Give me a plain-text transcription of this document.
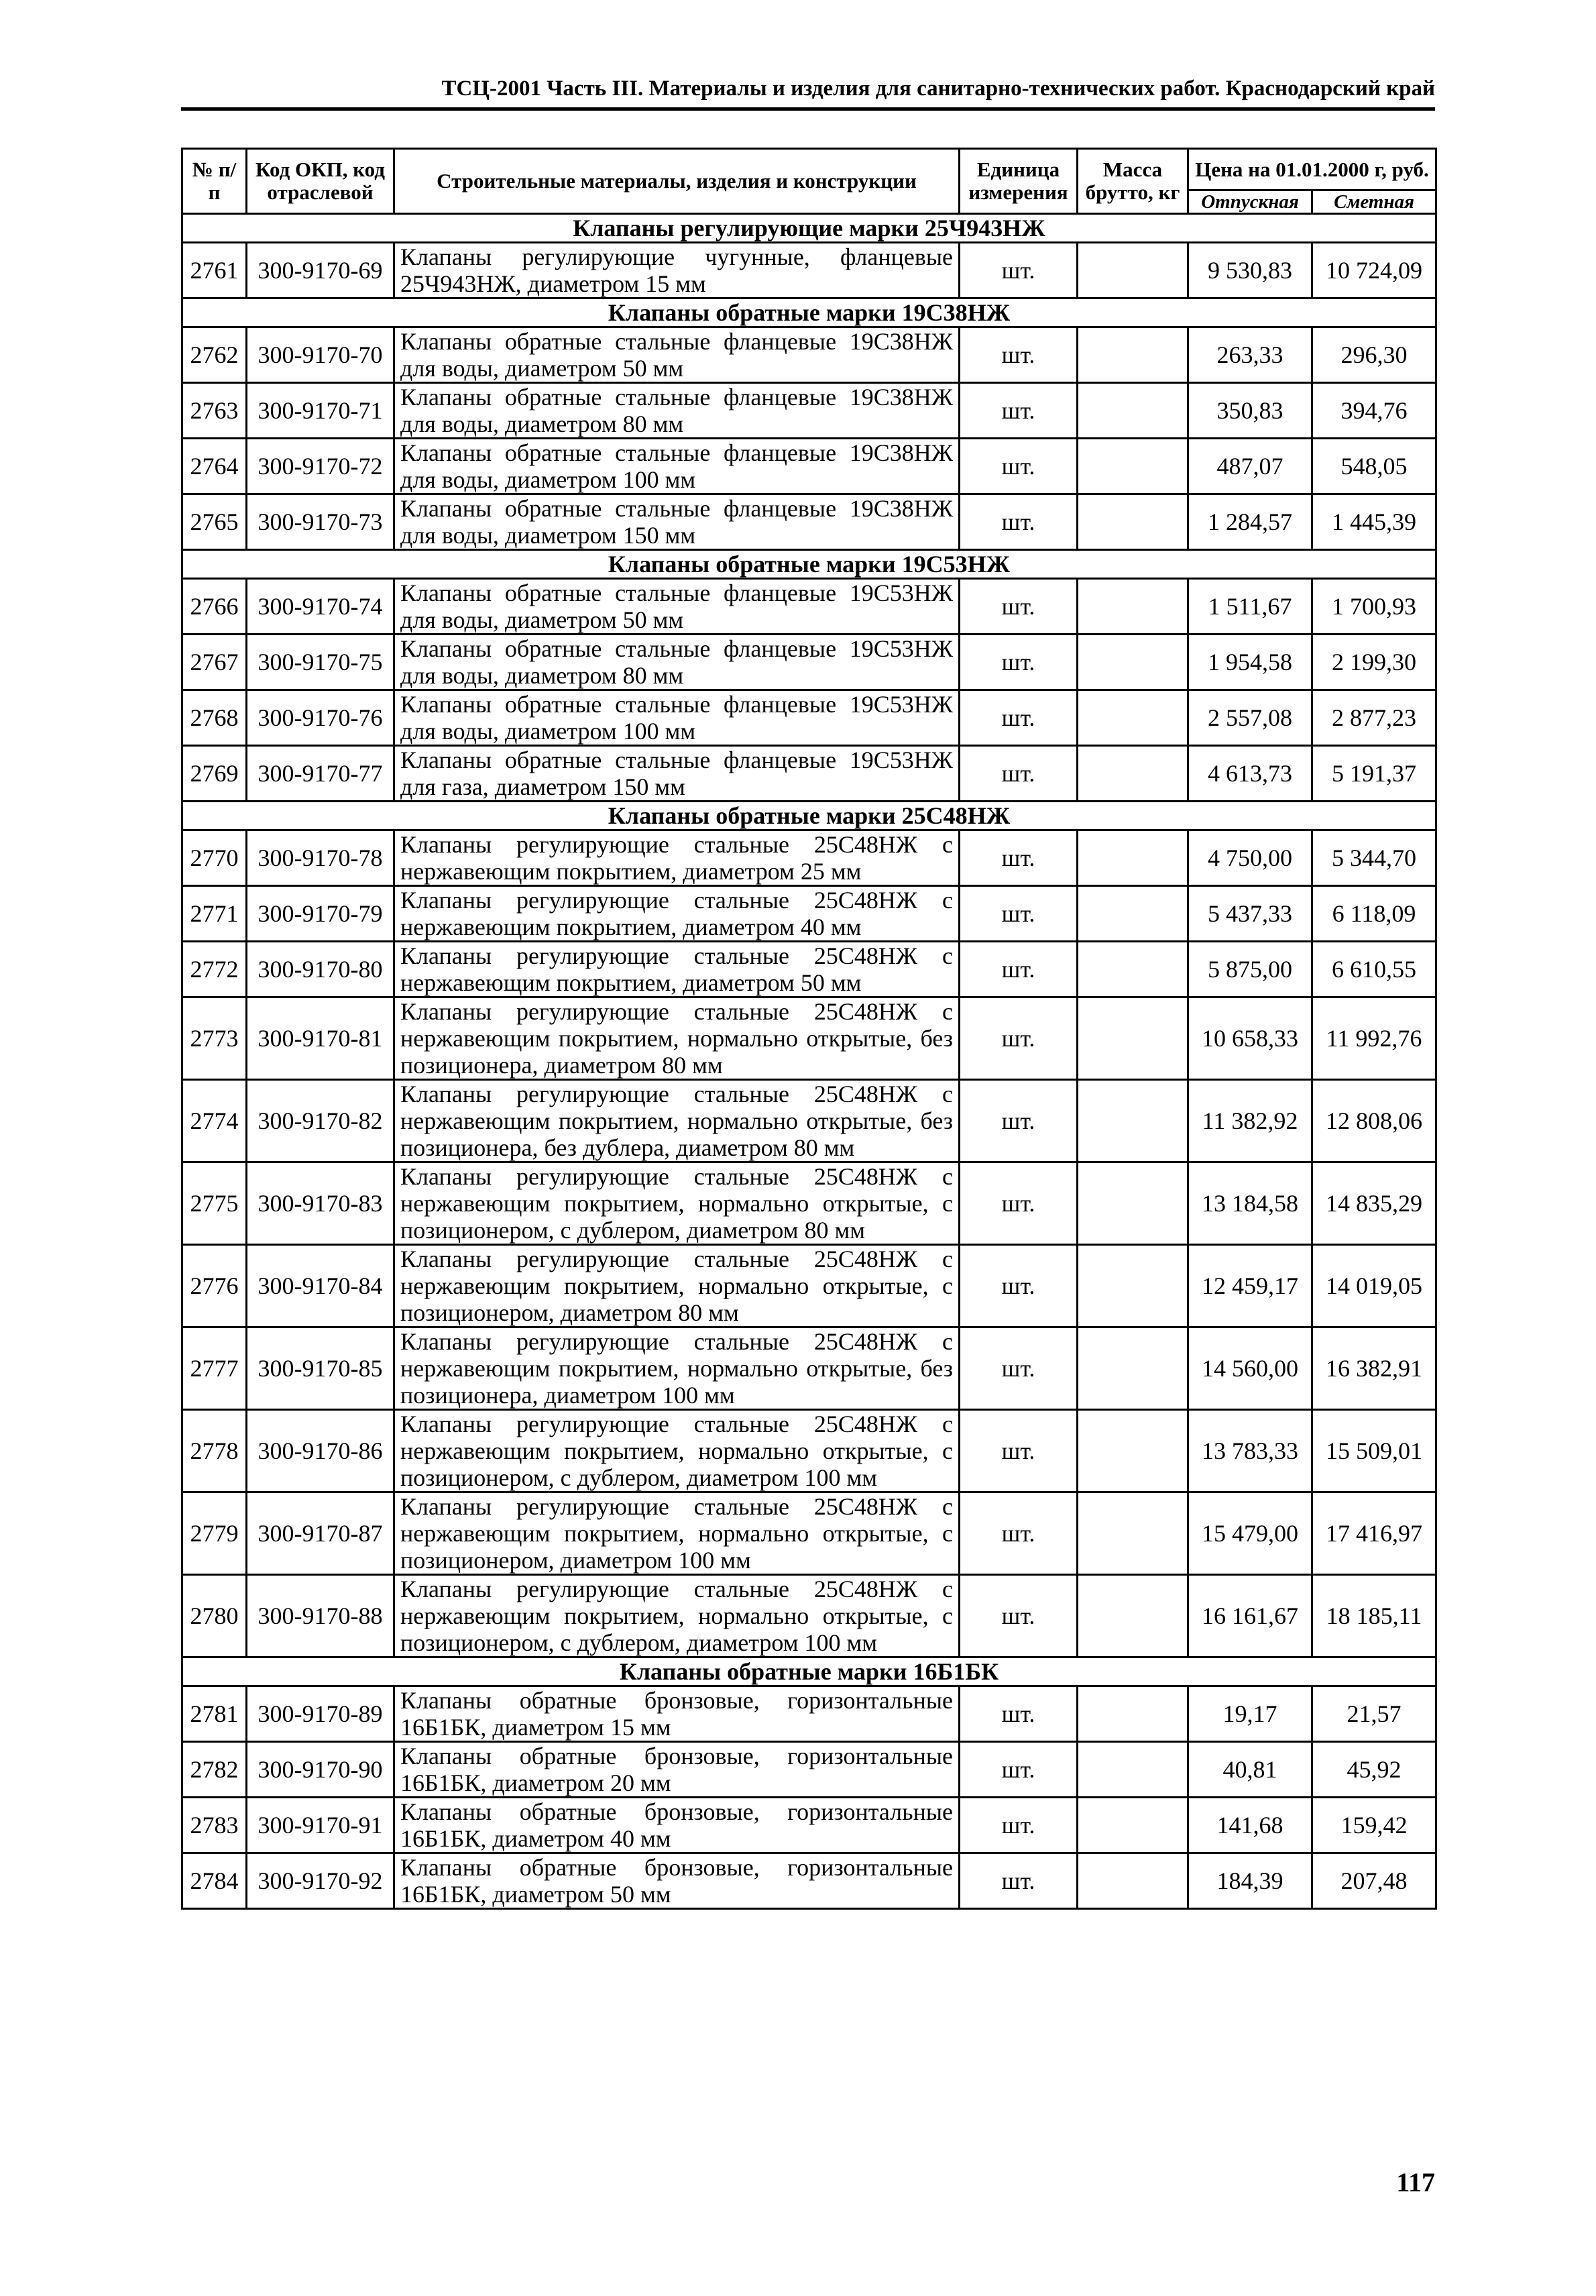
ТСЦ-2001 Часть III. Материалы и изделия для санитарно-технических работ. Краснодарский край
№ п/п	Код ОКП, код отраслевой	Строительные материалы, изделия и конструкции	Единица измерения	Масса брутто, кг	Цена на 01.01.2000 г, руб.	
					Отпускная	Сметная
Клапаны регулирующие марки 25Ч943НЖ						
2761	300-9170-69	Клапаны регулирующие чугунные, фланцевые 25Ч943НЖ, диаметром 15 мм	шт.		9 530,83	10 724,09
Клапаны обратные марки 19С38НЖ						
2762	300-9170-70	Клапаны обратные стальные фланцевые 19С38НЖ для воды, диаметром 50 мм	шт.		263,33	296,30
2763	300-9170-71	Клапаны обратные стальные фланцевые 19С38НЖ для воды, диаметром 80 мм	шт.		350,83	394,76
2764	300-9170-72	Клапаны обратные стальные фланцевые 19С38НЖ для воды, диаметром 100 мм	шт.		487,07	548,05
2765	300-9170-73	Клапаны обратные стальные фланцевые 19С38НЖ для воды, диаметром 150 мм	шт.		1 284,57	1 445,39
Клапаны обратные марки 19С53НЖ						
2766	300-9170-74	Клапаны обратные стальные фланцевые 19С53НЖ для воды, диаметром 50 мм	шт.		1 511,67	1 700,93
2767	300-9170-75	Клапаны обратные стальные фланцевые 19С53НЖ для воды, диаметром 80 мм	шт.		1 954,58	2 199,30
2768	300-9170-76	Клапаны обратные стальные фланцевые 19С53НЖ для воды, диаметром 100 мм	шт.		2 557,08	2 877,23
2769	300-9170-77	Клапаны обратные стальные фланцевые 19С53НЖ для газа, диаметром 150 мм	шт.		4 613,73	5 191,37
Клапаны обратные марки 25С48НЖ						
2770	300-9170-78	Клапаны регулирующие стальные 25С48НЖ с нержавеющим покрытием, диаметром 25 мм	шт.		4 750,00	5 344,70
2771	300-9170-79	Клапаны регулирующие стальные 25С48НЖ с нержавеющим покрытием, диаметром 40 мм	шт.		5 437,33	6 118,09
2772	300-9170-80	Клапаны регулирующие стальные 25С48НЖ с нержавеющим покрытием, диаметром 50 мм	шт.		5 875,00	6 610,55
2773	300-9170-81	Клапаны регулирующие стальные 25С48НЖ с нержавеющим покрытием, нормально открытые, без позиционера, диаметром 80 мм	шт.		10 658,33	11 992,76
2774	300-9170-82	Клапаны регулирующие стальные 25С48НЖ с нержавеющим покрытием, нормально открытые, без позиционера, без дублера, диаметром 80 мм	шт.		11 382,92	12 808,06
2775	300-9170-83	Клапаны регулирующие стальные 25С48НЖ с нержавеющим покрытием, нормально открытые, с позиционером, с дублером, диаметром 80 мм	шт.		13 184,58	14 835,29
2776	300-9170-84	Клапаны регулирующие стальные 25С48НЖ с нержавеющим покрытием, нормально открытые, с позиционером, диаметром 80 мм	шт.		12 459,17	14 019,05
2777	300-9170-85	Клапаны регулирующие стальные 25С48НЖ с нержавеющим покрытием, нормально открытые, без позиционера, диаметром 100 мм	шт.		14 560,00	16 382,91
2778	300-9170-86	Клапаны регулирующие стальные 25С48НЖ с нержавеющим покрытием, нормально открытые, с позиционером, с дублером, диаметром 100 мм	шт.		13 783,33	15 509,01
2779	300-9170-87	Клапаны регулирующие стальные 25С48НЖ с нержавеющим покрытием, нормально открытые, с позиционером, диаметром 100 мм	шт.		15 479,00	17 416,97
2780	300-9170-88	Клапаны регулирующие стальные 25С48НЖ с нержавеющим покрытием, нормально открытые, с позиционером, с дублером, диаметром 100 мм	шт.		16 161,67	18 185,11
Клапаны обратные марки 16Б1БК						
2781	300-9170-89	Клапаны обратные бронзовые, горизонтальные 16Б1БК, диаметром 15 мм	шт.		19,17	21,57
2782	300-9170-90	Клапаны обратные бронзовые, горизонтальные 16Б1БК, диаметром 20 мм	шт.		40,81	45,92
2783	300-9170-91	Клапаны обратные бронзовые, горизонтальные 16Б1БК, диаметром 40 мм	шт.		141,68	159,42
2784	300-9170-92	Клапаны обратные бронзовые, горизонтальные 16Б1БК, диаметром 50 мм	шт.		184,39	207,48
117
